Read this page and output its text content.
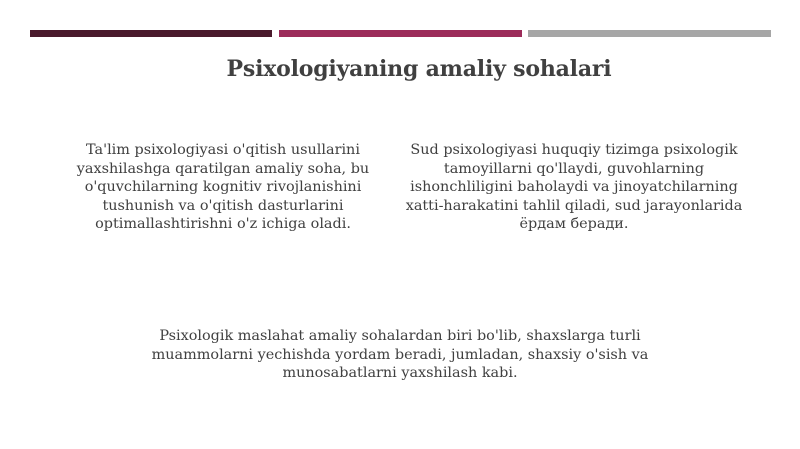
Psixologiyaning amaliy sohalari
Ta'lim psixologiyasi o'qitish usullarini yaxshilashga qaratilgan amaliy soha, bu o'quvchilarning kognitiv rivojlanishini tushunish va o'qitish dasturlarini optimallashtirishni o'z ichiga oladi.
Sud psixologiyasi huquqiy tizimga psixologik tamoyillarni qo'llaydi, guvohlarning ishonchliligini baholaydi va jinoyatchilarning xatti-harakatini tahlil qiladi, sud jarayonlarida ёрдам беради.
Psixologik maslahat amaliy sohalardan biri bo'lib, shaxslarga turli muammolarni yechishda yordam beradi, jumladan, shaxsiy o'sish va munosabatlarni yaxshilash kabi.
